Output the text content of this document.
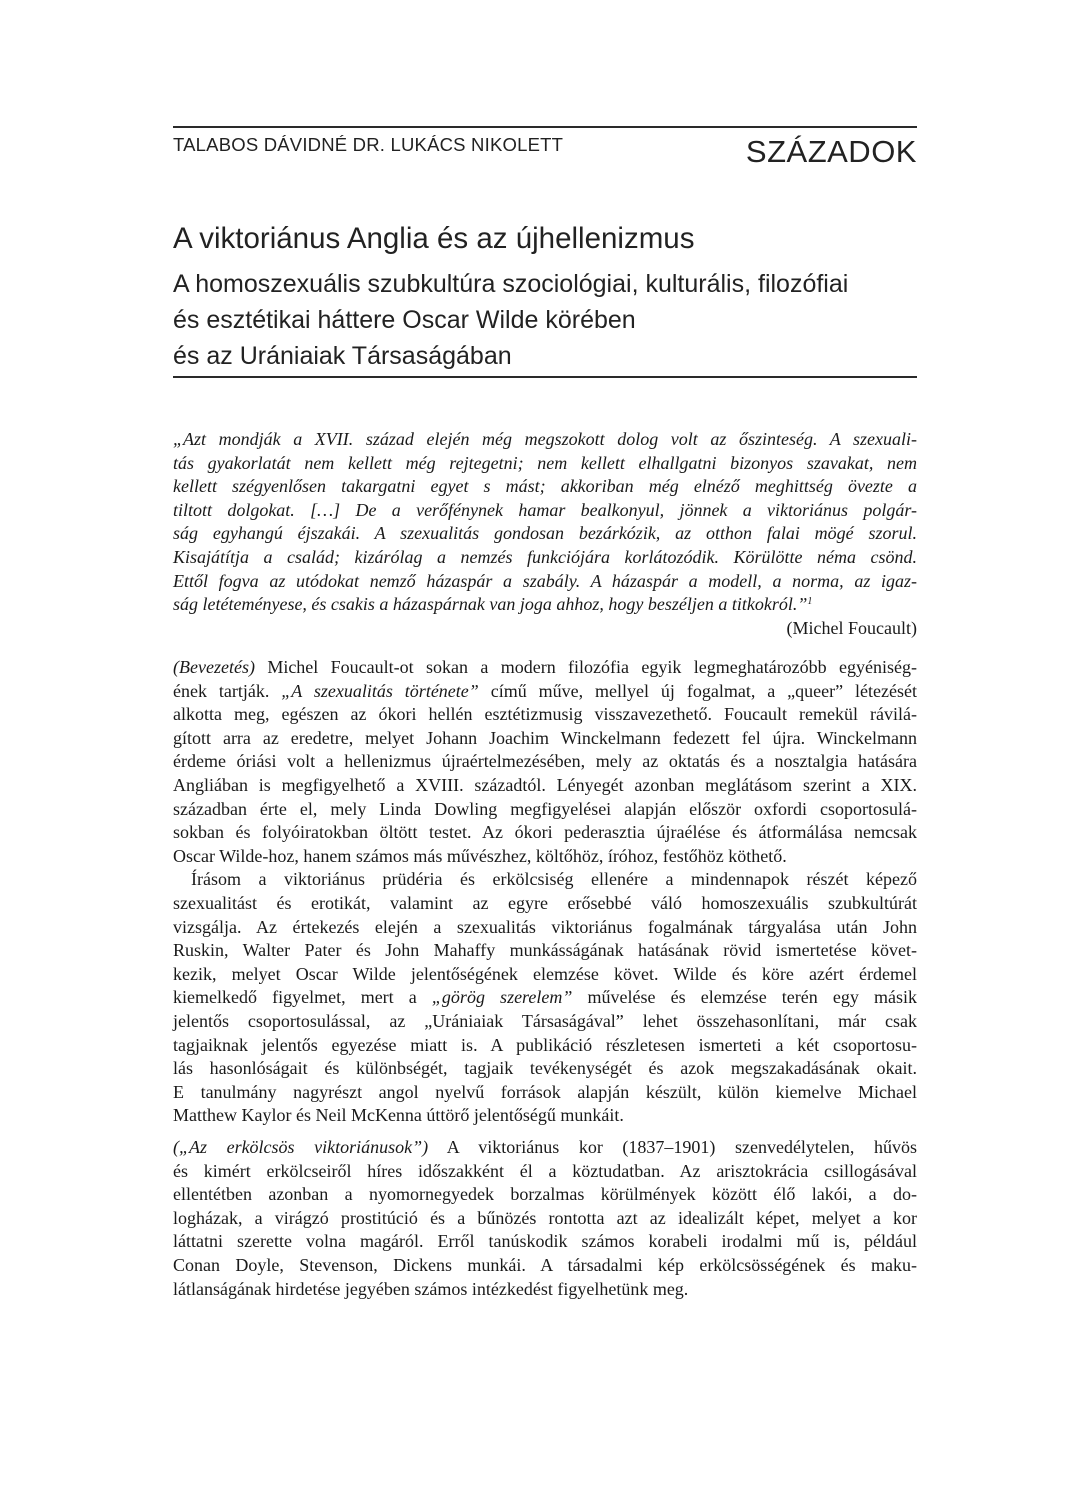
TALABOS DÁVIDNÉ DR. LUKÁCS NIKOLETT	SZÁZADOK
A viktoriánus Anglia és az újhellenizmus
A homoszexuális szubkultúra szociológiai, kulturális, filozófiai
és esztétikai háttere Oscar Wilde körében
és az Urániaiak Társaságában
„Azt mondják a XVII. század elején még megszokott dolog volt az őszinteség. A szexuali-
tás gyakorlatát nem kellett még rejtegetni; nem kellett elhallgatni bizonyos szavakat, nem
kellett szégyenlősen takargatni egyet s mást; akkoriban még elnéző meghittség övezte a
tiltott dolgokat. […] De a verőfénynek hamar bealkonyul, jönnek a viktoriánus polgár-
ság egyhangú éjszakái. A szexualitás gondosan bezárkózik, az otthon falai mögé szorul.
Kisajátítja a család; kizárólag a nemzés funkciójára korlátozódik. Körülötte néma csönd.
Ettől fogva az utódokat nemző házaspár a szabály. A házaspár a modell, a norma, az igaz-
ság letéteményese, és csakis a házaspárnak van joga ahhoz, hogy beszéljen a titkokról.”$^1$
(Michel Foucault)
(Bevezetés) Michel Foucault-ot sokan a modern filozófia egyik legmeghatározóbb egyéniség-
ének tartják. „A szexualitás története” című műve, mellyel új fogalmat, a „queer” létezését
alkotta meg, egészen az ókori hellén esztétizmusig visszavezethető. Foucault remekül rávilá-
gított arra az eredetre, melyet Johann Joachim Winckelmann fedezett fel újra. Winckelmann
érdeme óriási volt a hellenizmus újraértelmezésében, mely az oktatás és a nosztalgia hatására
Angliában is megfigyelhető a XVIII. századtól. Lényegét azonban meglátásom szerint a XIX.
században érte el, mely Linda Dowling megfigyelései alapján először oxfordi csoportosulá-
sokban és folyóiratokban öltött testet. Az ókori pederasztia újraélése és átformálása nemcsak
Oscar Wilde-hoz, hanem számos más művészhez, költőhöz, íróhoz, festőhöz köthető.
Írásom a viktoriánus prüdéria és erkölcsiség ellenére a mindennapok részét képező
szexualitást és erotikát, valamint az egyre erősebbé váló homoszexuális szubkultúrát
vizsgálja. Az értekezés elején a szexualitás viktoriánus fogalmának tárgyalása után John
Ruskin, Walter Pater és John Mahaffy munkásságának hatásának rövid ismertetése követ-
kezik, melyet Oscar Wilde jelentőségének elemzése követ. Wilde és köre azért érdemel
kiemelkedő figyelmet, mert a „görög szerelem” művelése és elemzése terén egy másik
jelentős csoportosulással, az „Urániaiak Társaságával” lehet összehasonlítani, már csak
tagjaiknak jelentős egyezése miatt is. A publikáció részletesen ismerteti a két csoportosu-
lás hasonlóságait és különbségét, tagjaik tevékenységét és azok megszakadásának okait.
E tanulmány nagyrészt angol nyelvű források alapján készült, külön kiemelve Michael
Matthew Kaylor és Neil McKenna úttörő jelentőségű munkáit.
(„Az erkölcsös viktoriánusok”) A viktoriánus kor (1837–1901) szenvedélytelen, hűvös
és kimért erkölcseiről híres időszakként él a köztudatban. Az arisztokrácia csillogásával
ellentétben azonban a nyomornegyedek borzalmas körülmények között élő lakói, a do-
logházak, a virágzó prostitúció és a bűnözés rontotta azt az idealizált képet, melyet a kor
láttatni szerette volna magáról. Erről tanúskodik számos korabeli irodalmi mű is, például
Conan Doyle, Stevenson, Dickens munkái. A társadalmi kép erkölcsösségének és maku-
látlanságának hirdetése jegyében számos intézkedést figyelhetünk meg.
